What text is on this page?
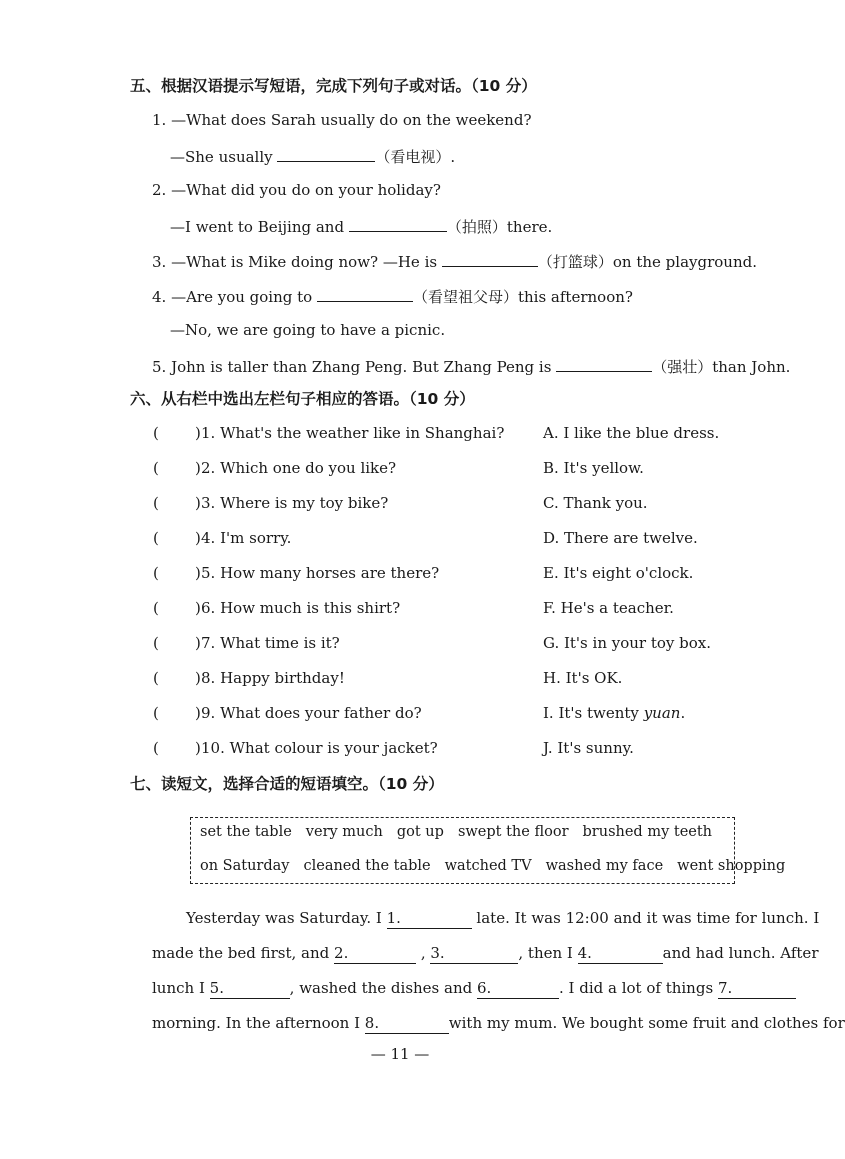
五、根据汉语提示写短语，完成下列句子或对话。（10 分）
1. —What does Sarah usually do on the weekend?
—She usually	（看电视）.
2. —What did you do on your holiday?
—I went to Beijing and	（拍照）there.
3. —What is Mike doing now? —He is	（打篮球）on the playground.
4. —Are you going to	（看望祖父母）this afternoon?
—No, we are going to have a picnic.
5. John is taller than Zhang Peng. But Zhang Peng is	（强壮）than John.
六、从右栏中选出左栏句子相应的答语。（10 分）
( ) 1. What's the weather like in Shanghai?	A. I like the blue dress.
( ) 2. Which one do you like?	B. It's yellow.
( ) 3. Where is my toy bike?	C. Thank you.
( ) 4. I'm sorry.	D. There are twelve.
( ) 5. How many horses are there?	E. It's eight o'clock.
( ) 6. How much is this shirt?	F. He's a teacher.
( ) 7. What time is it?	G. It's in your toy box.
( ) 8. Happy birthday!	H. It's OK.
( ) 9. What does your father do?	I. It's twenty yuan.
( ) 10. What colour is your jacket?	J. It's sunny.
七、读短文，选择合适的短语填空。（10 分）
set the table very much got up swept the floor brushed my teeth
on Saturday cleaned the table watched TV washed my face went shopping
Yesterday was Saturday. I 1.	late. It was 12:00 and it was time for lunch. I
made the bed first, and 2.	, 3.	, then I 4.	and had lunch. After
lunch I 5.	, washed the dishes and 6.	. I did a lot of things 7.
morning. In the afternoon I 8.	with my mum. We bought some fruit and clothes for
— 11 —
